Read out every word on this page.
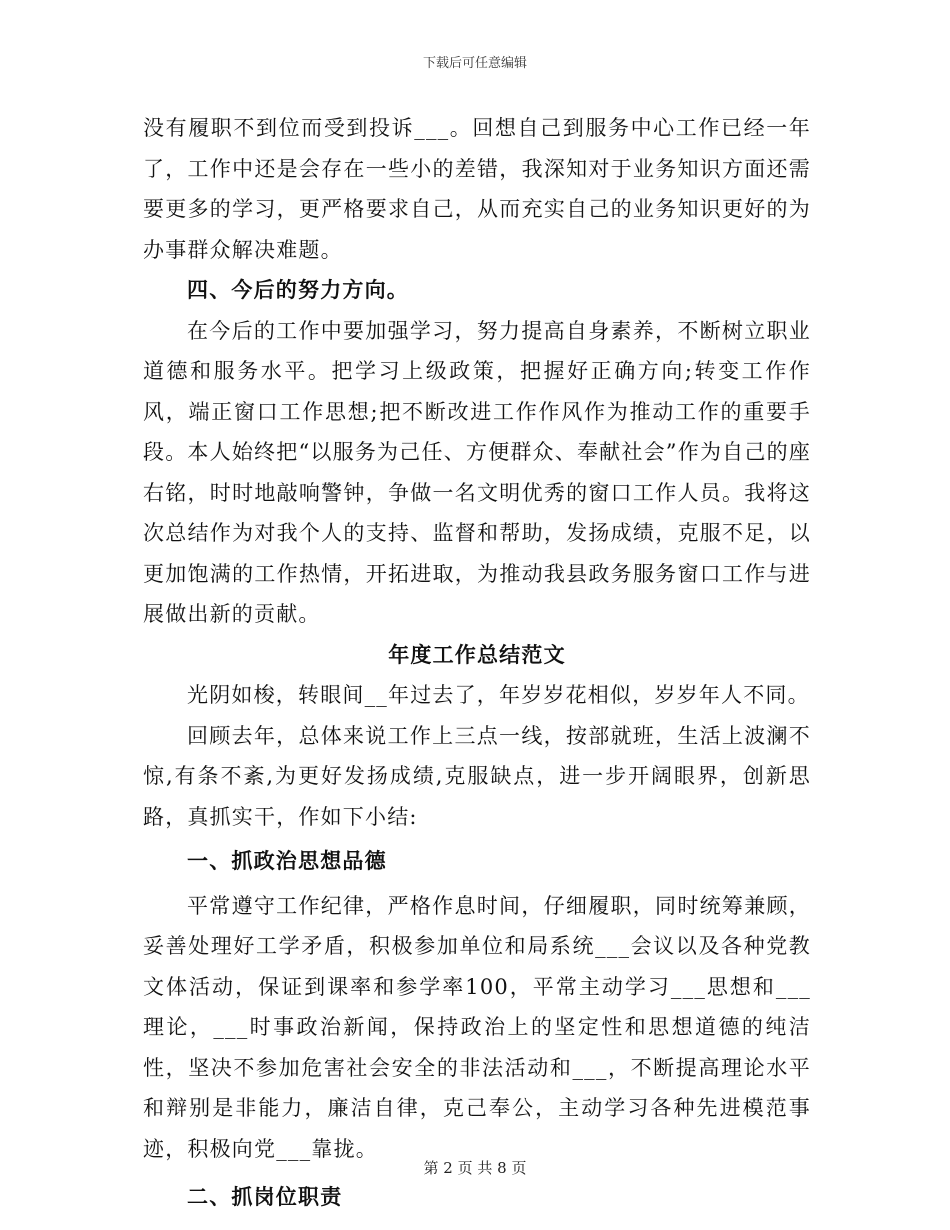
下载后可任意编辑

没有履职不到位而受到投诉___。回想自己到服务中心工作已经一年了，工作中还是会存在一些小的差错，我深知对于业务知识方面还需要更多的学习，更严格要求自己，从而充实自己的业务知识更好的为办事群众解决难题。

四、今后的努力方向。

在今后的工作中要加强学习，努力提高自身素养，不断树立职业道德和服务水平。把学习上级政策，把握好正确方向;转变工作作风，端正窗口工作思想;把不断改进工作作风作为推动工作的重要手段。本人始终把“以服务为己任、方便群众、奉献社会”作为自己的座右铭，时时地敲响警钟，争做一名文明优秀的窗口工作人员。我将这次总结作为对我个人的支持、监督和帮助，发扬成绩，克服不足，以更加饱满的工作热情，开拓进取，为推动我县政务服务窗口工作与进展做出新的贡献。

年度工作总结范文

光阴如梭，转眼间__年过去了，年岁岁花相似，岁岁年人不同。

回顾去年，总体来说工作上三点一线，按部就班，生活上波澜不惊,有条不紊,为更好发扬成绩,克服缺点，进一步开阔眼界，创新思路，真抓实干，作如下小结:

一、抓政治思想品德

平常遵守工作纪律，严格作息时间，仔细履职，同时统筹兼顾，妥善处理好工学矛盾，积极参加单位和局系统___会议以及各种党教文体活动，保证到课率和参学率100，平常主动学习___思想和___理论，___时事政治新闻，保持政治上的坚定性和思想道德的纯洁性，坚决不参加危害社会安全的非法活动和___，不断提高理论水平和辩别是非能力，廉洁自律，克己奉公，主动学习各种先进模范事迹，积极向党___靠拢。

二、抓岗位职责

第 2 页 共 8 页
